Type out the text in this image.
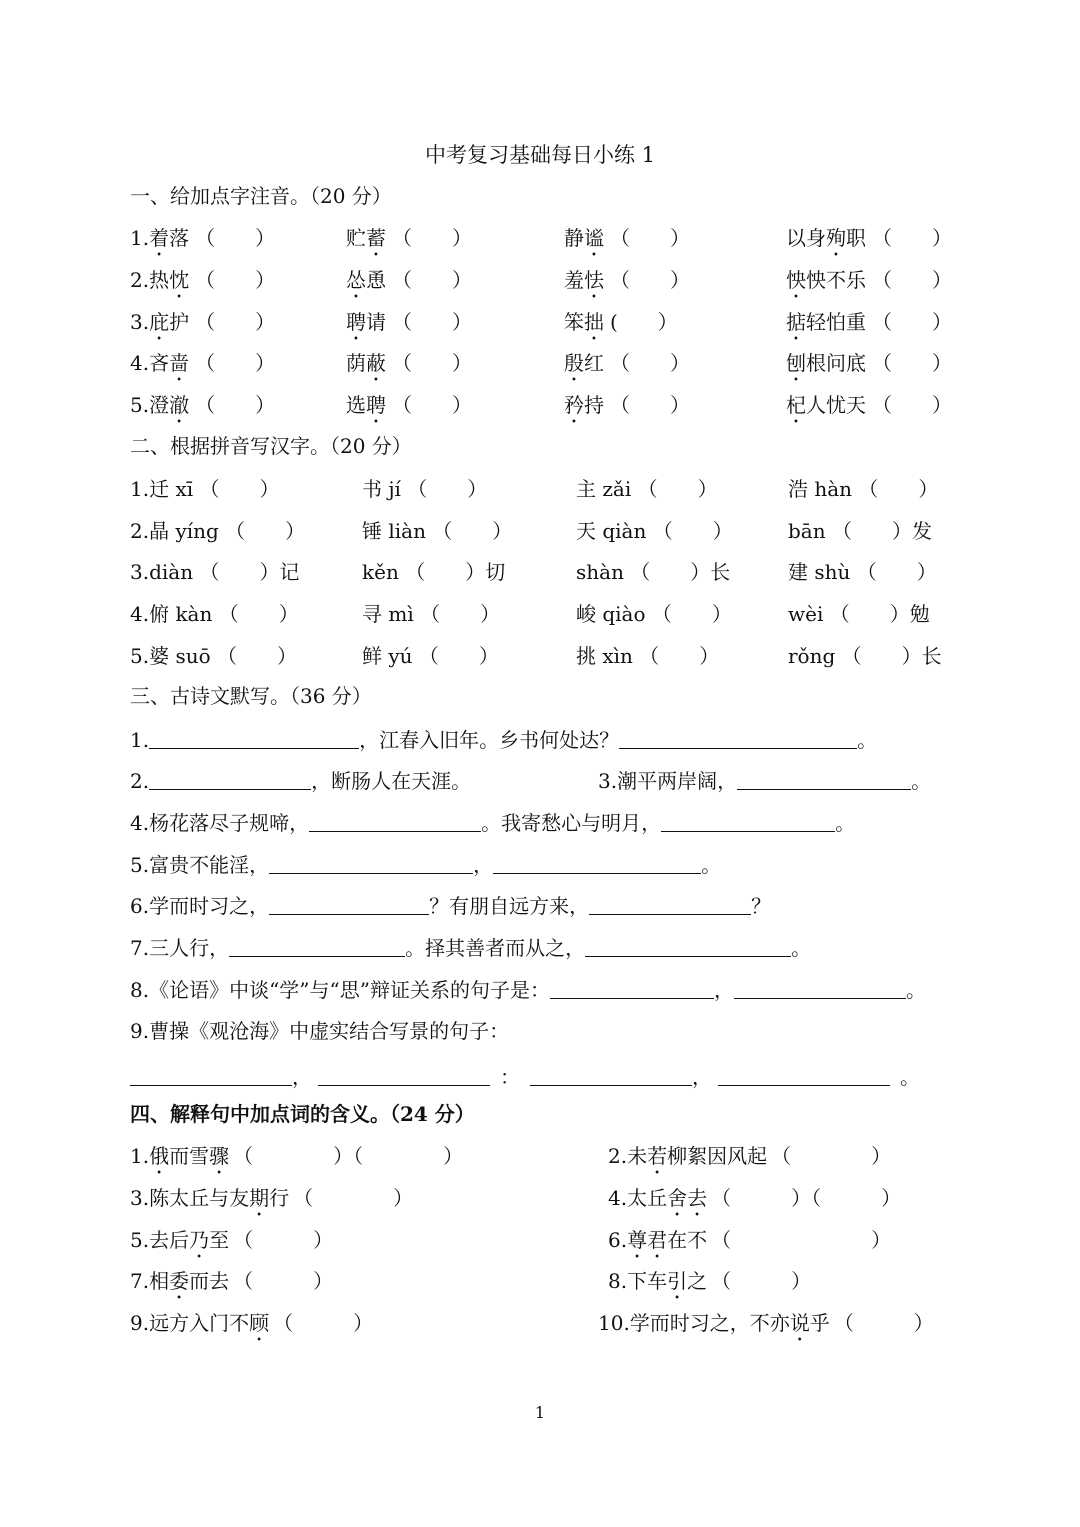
中考复习基础每日小练 1
一、给加点字注音。（20 分）
1.着落 （　　）	贮蓄 （　　）	静谧 （　　）	以身殉职 （　　）
2.热忱 （　　）	怂恿 （　　）	羞怯 （　　）	怏怏不乐 （　　）
3.庇护 （　　）	聘请 （　　）	笨拙 (　　）	掂轻怕重 （　　）
4.吝啬 （　　）	荫蔽 （　　）	殷红 （　　）	刨根问底 （　　）
5.澄澈 （　　）	选聘 （　　）	矜持 （　　）	杞人忧天 （　　）
二、根据拼音写汉字。（20 分）
1.迁 xī （　　）	书 jí （　　）	主 zǎi （　　）	浩 hàn （　　）
2.晶 yíng （　　）	锤 liàn （　　）	天 qiàn （　　）	bān （　　）发
3.diàn （　　）记	kěn （　　）切	shàn （　　）长	建 shù （　　）
4.俯 kàn （　　）	寻 mì （　　）	峻 qiào （　　）	wèi （　　）勉
5.婆 suō （　　）	鲜 yú （　　）	挑 xìn （　　）	rǒng （　　）长
三、古诗文默写。（36 分）
1.	，江春入旧年。乡书何处达？	。
2.	，断肠人在天涯。	3.潮平两岸阔，	。
4.杨花落尽子规啼，	。我寄愁心与明月，	。
5.富贵不能淫，	，	。
6.学而时习之，	？有朋自远方来，	？
7.三人行，	。择其善者而从之，	。
8.《论语》中谈“学”与“思”辩证关系的句子是：	，	。
9.曹操《观沧海》中虚实结合写景的句子：
，	：	，	。
四、解释句中加点词的含义。（24 分）
1.俄而雪骤 （　　　　）（　　　　）	2.未若柳絮因风起 （　　　　）
3.陈太丘与友期行 （　　　　）	4.太丘舍去 （　　　）（　　　）
5.去后乃至 （　　　）	6.尊君在不 （　　　　　　　）
7.相委而去 （　　　）	8.下车引之 （　　　）
9.远方入门不顾 （　　　）	10.学而时习之，不亦说乎 （　　　）
1
